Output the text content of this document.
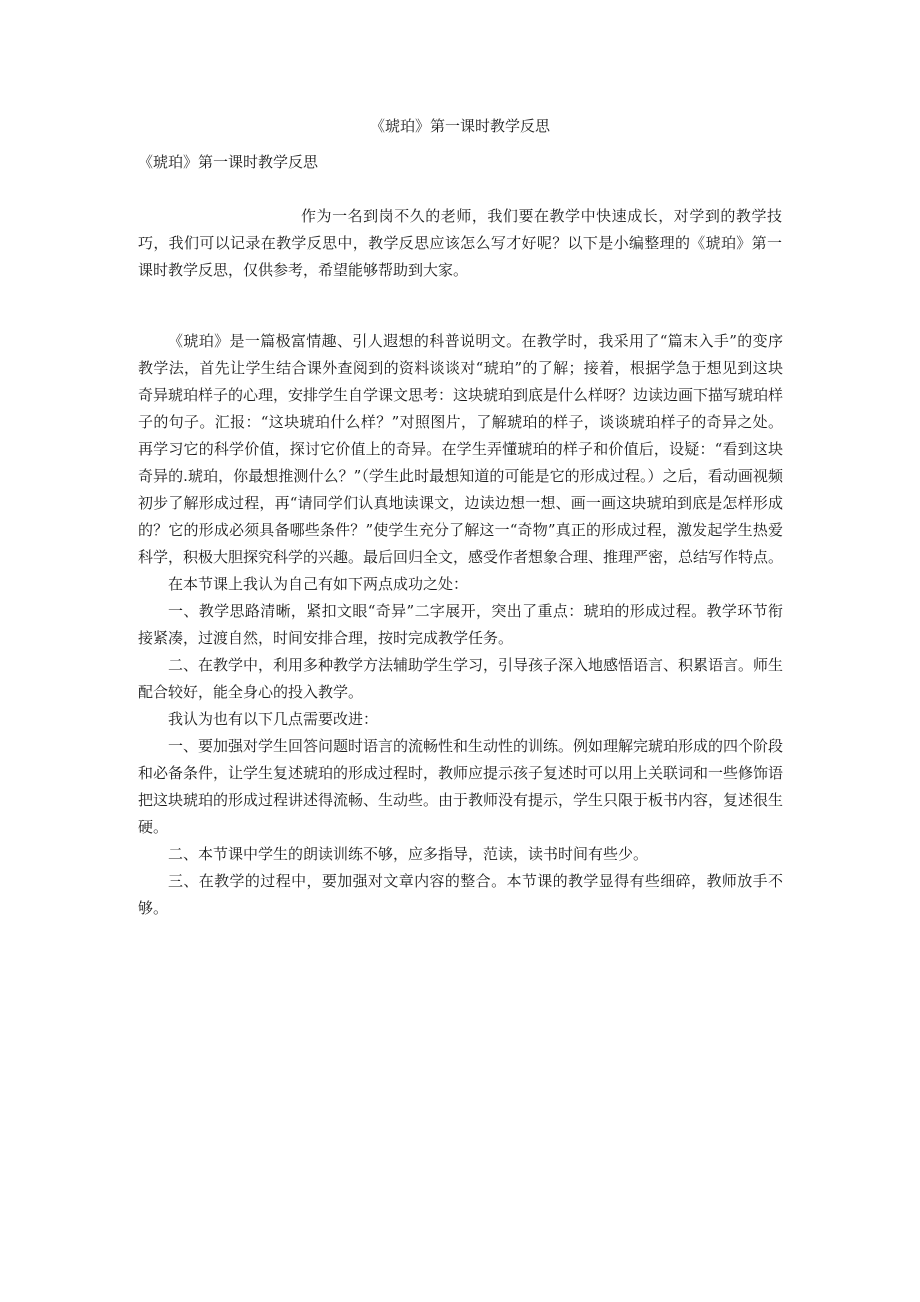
《琥珀》第一课时教学反思

《琥珀》第一课时教学反思

作为一名到岗不久的老师，我们要在教学中快速成长，对学到的教学技巧，我们可以记录在教学反思中，教学反思应该怎么写才好呢？以下是小编整理的《琥珀》第一课时教学反思，仅供参考，希望能够帮助到大家。

《琥珀》是一篇极富情趣、引人遐想的科普说明文。在教学时，我采用了“篇末入手”的变序教学法，首先让学生结合课外查阅到的资料谈谈对“琥珀”的了解；接着，根据学急于想见到这块奇异琥珀样子的心理，安排学生自学课文思考：这块琥珀到底是什么样呀？边读边画下描写琥珀样子的句子。汇报：“这块琥珀什么样？”对照图片，了解琥珀的样子，谈谈琥珀样子的奇异之处。再学习它的科学价值，探讨它价值上的奇异。在学生弄懂琥珀的样子和价值后，设疑：“看到这块奇异的.琥珀，你最想推测什么？”（学生此时最想知道的可能是它的形成过程。）之后，看动画视频初步了解形成过程，再“请同学们认真地读课文，边读边想一想、画一画这块琥珀到底是怎样形成的？它的形成必须具备哪些条件？”使学生充分了解这一“奇物”真正的形成过程，激发起学生热爱科学，积极大胆探究科学的兴趣。最后回归全文，感受作者想象合理、推理严密，总结写作特点。

在本节课上我认为自己有如下两点成功之处：

一、教学思路清晰，紧扣文眼“奇异”二字展开，突出了重点：琥珀的形成过程。教学环节衔接紧凑，过渡自然，时间安排合理，按时完成教学任务。

二、在教学中，利用多种教学方法辅助学生学习，引导孩子深入地感悟语言、积累语言。师生配合较好，能全身心的投入教学。

我认为也有以下几点需要改进：

一、要加强对学生回答问题时语言的流畅性和生动性的训练。例如理解完琥珀形成的四个阶段和必备条件，让学生复述琥珀的形成过程时，教师应提示孩子复述时可以用上关联词和一些修饰语把这块琥珀的形成过程讲述得流畅、生动些。由于教师没有提示，学生只限于板书内容，复述很生硬。

二、本节课中学生的朗读训练不够，应多指导，范读，读书时间有些少。

三、在教学的过程中，要加强对文章内容的整合。本节课的教学显得有些细碎，教师放手不够。
